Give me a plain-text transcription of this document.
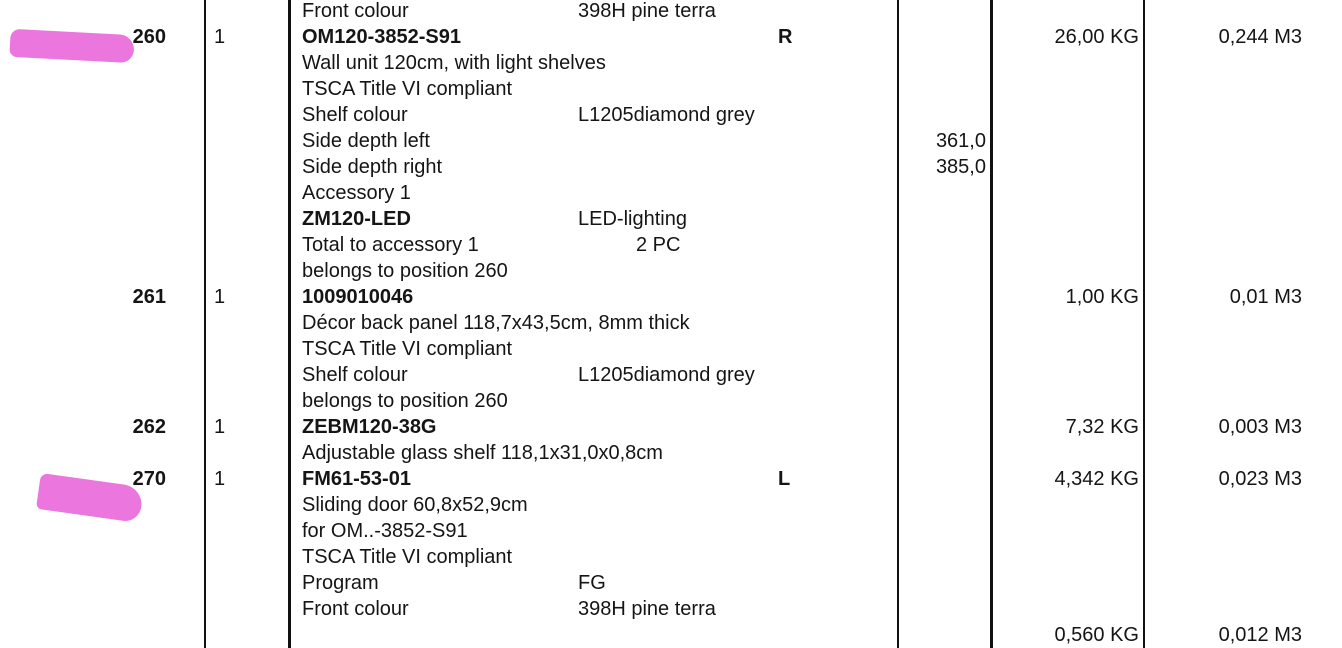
Front colour	398H pine terra
260 1	OM120-3852-S91	R	26,00 KG	0,244 M3
Wall unit 120cm, with light shelves
TSCA Title VI compliant
Shelf colour	L1205diamond grey
Side depth left	361,0
Side depth right	385,0
Accessory 1
ZM120-LED	LED-lighting
Total to accessory 1	2 PC
belongs to position 260
261 1	1009010046	1,00 KG	0,01 M3
Décor back panel 118,7x43,5cm, 8mm thick
TSCA Title VI compliant
Shelf colour	L1205diamond grey
belongs to position 260
262 1	ZEBM120-38G	7,32 KG	0,003 M3
Adjustable glass shelf 118,1x31,0x0,8cm
270 1	FM61-53-01	L	4,342 KG	0,023 M3
Sliding door 60,8x52,9cm
for OM..-3852-S91
TSCA Title VI compliant
Program	FG
Front colour	398H pine terra
0,560 KG	0,012 M3
